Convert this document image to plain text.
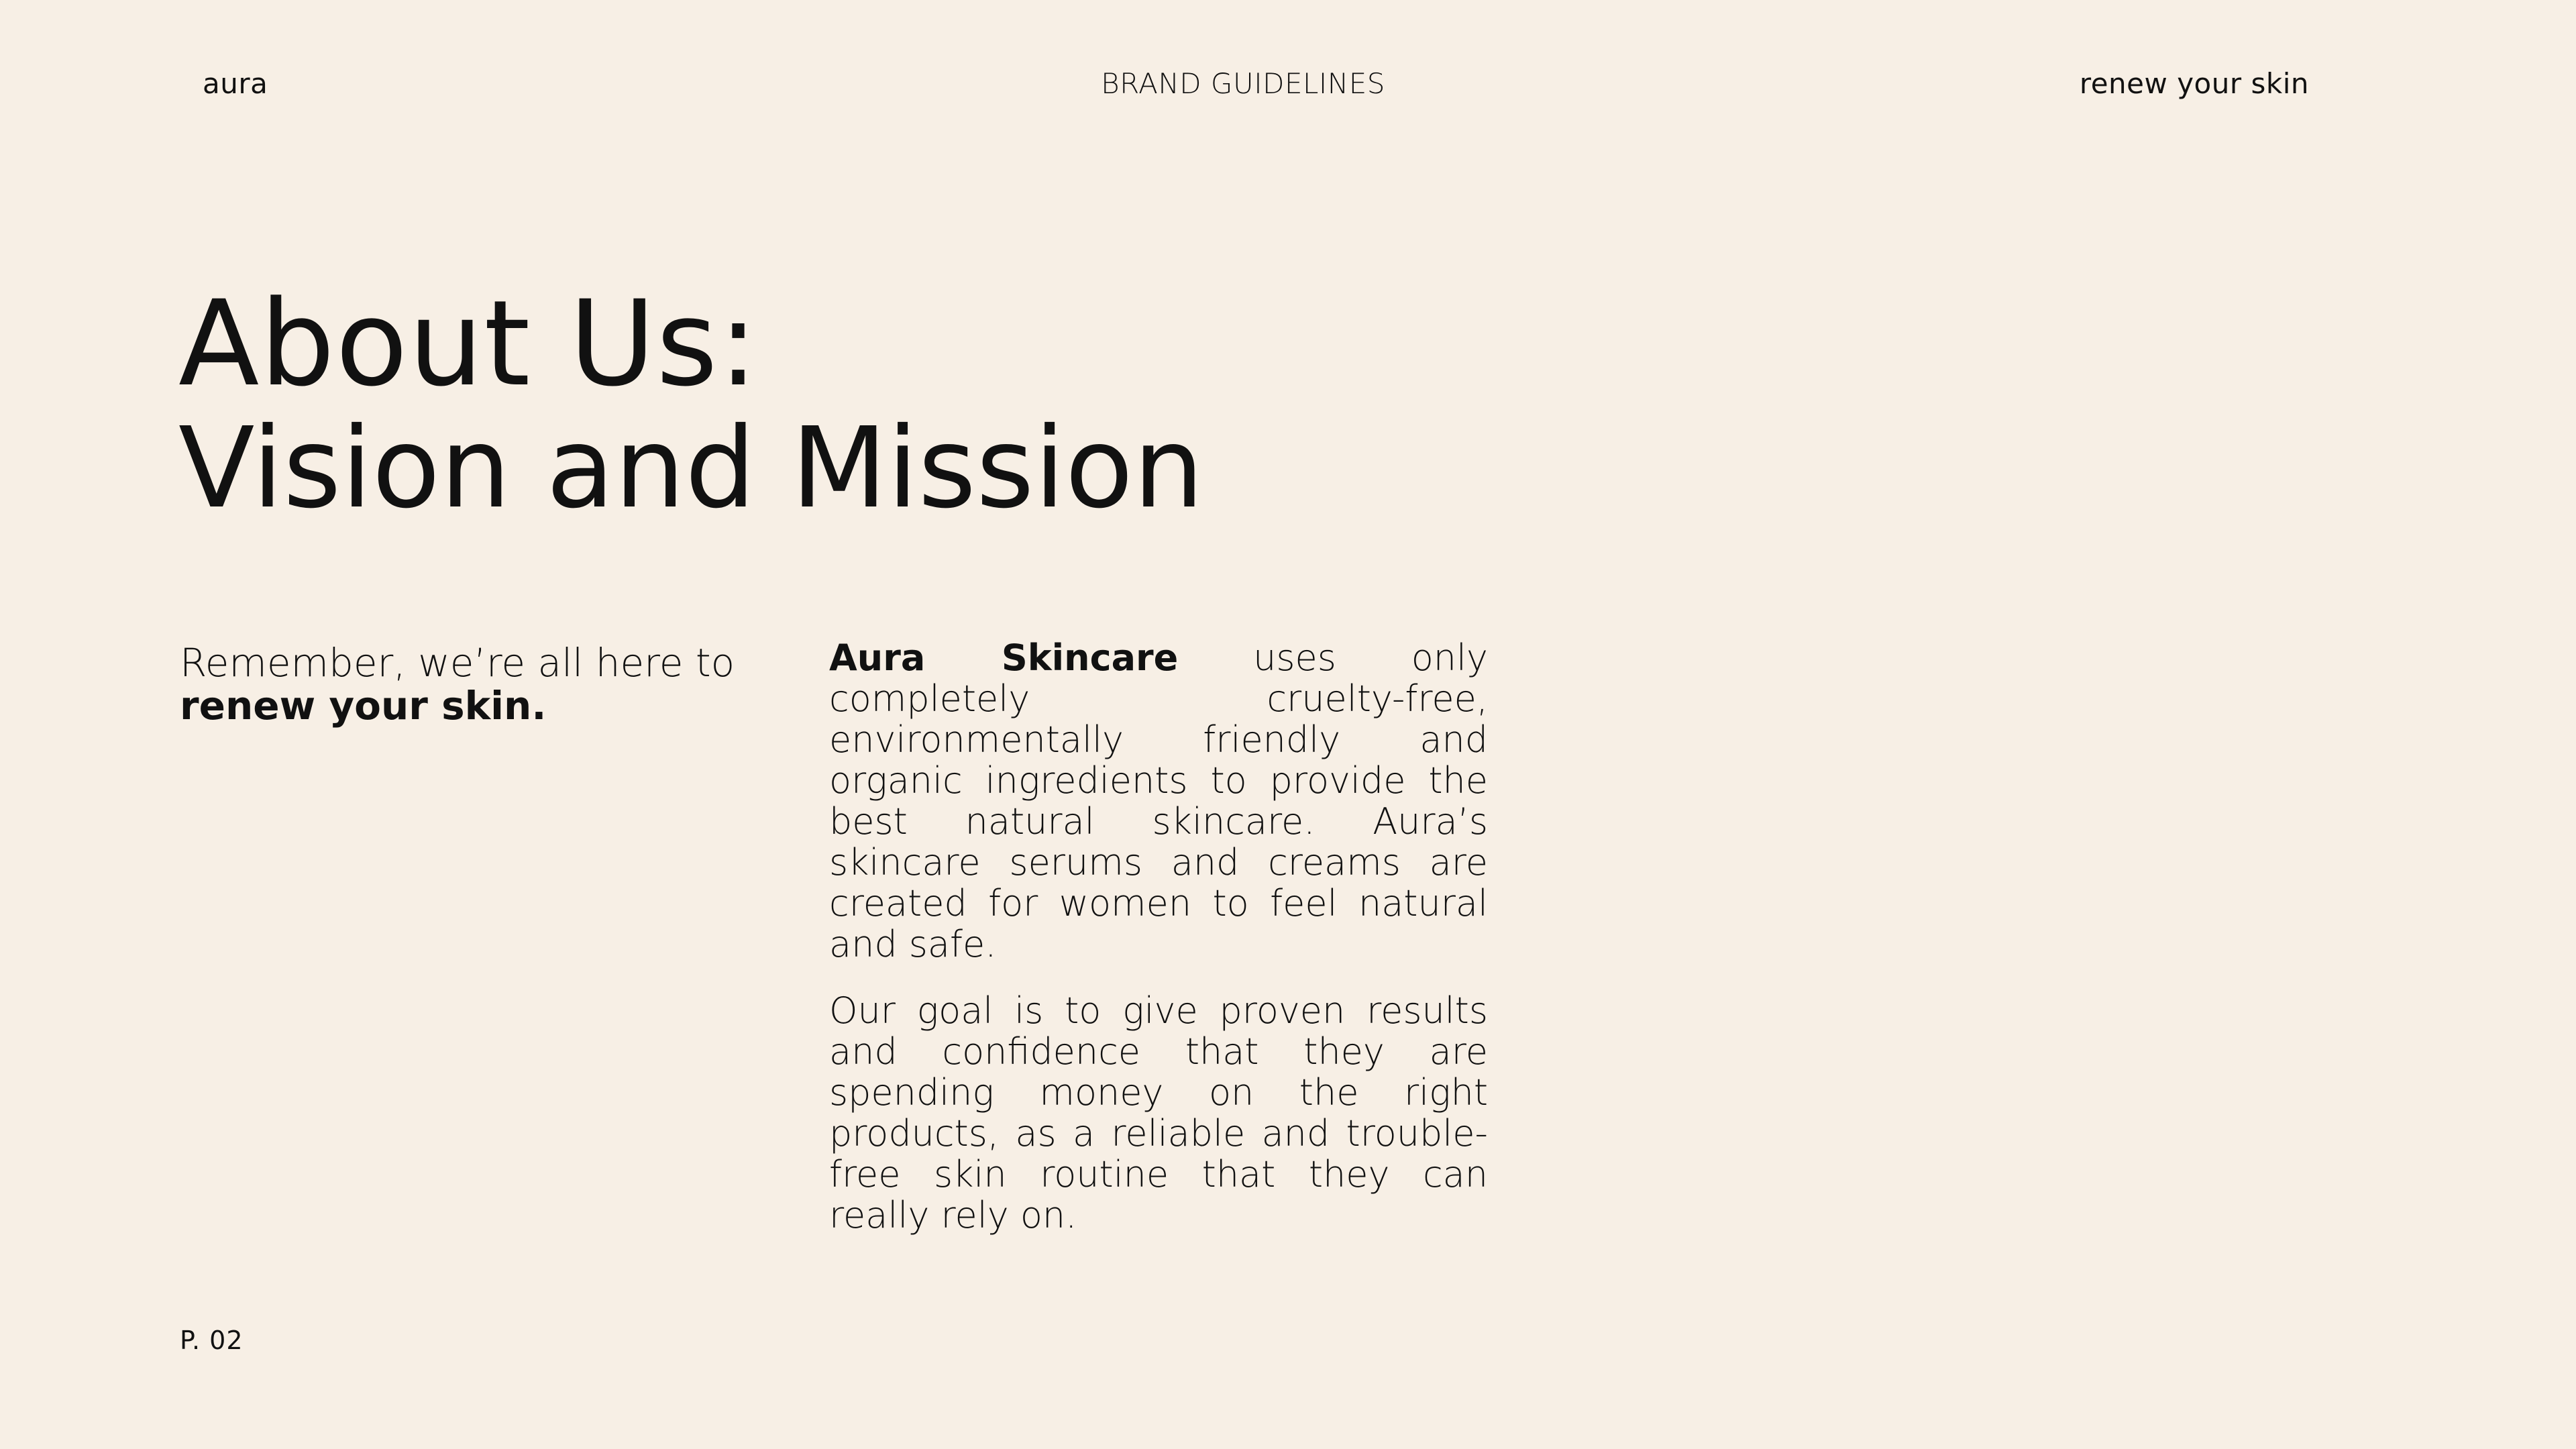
aura	BRAND GUIDELINES	renew your skin
About Us:
Vision and Mission

Remember, we’re all here to
renew your skin.

Aura Skincare uses only completely cruelty-free, environmentally friendly and organic ingredients to provide the best natural skincare. Aura’s skincare serums and creams are created for women to feel natural and safe.

Our goal is to give proven results and confidence that they are spending money on the right products, as a reliable and trouble-free skin routine that they can really rely on.

P. 02
